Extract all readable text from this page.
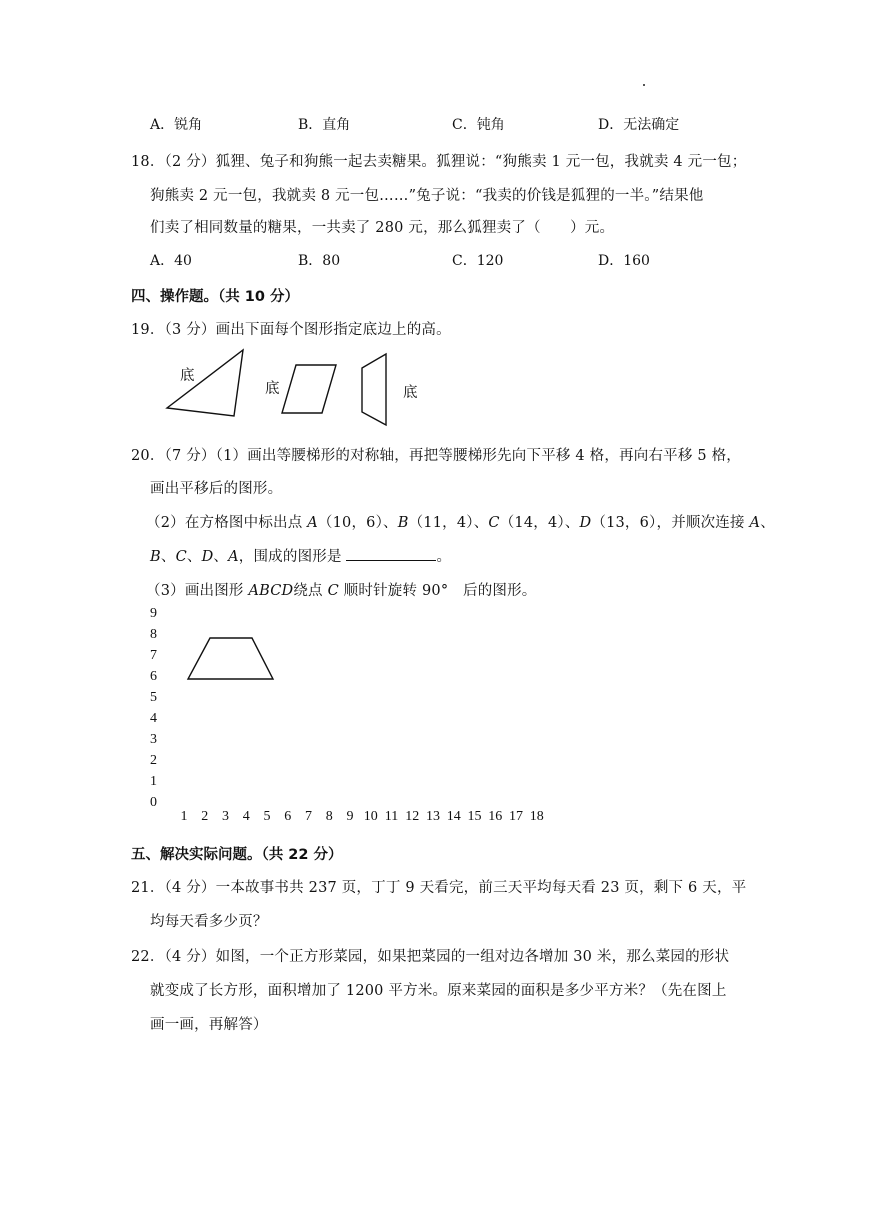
A．锐角	B．直角	C．钝角	D．无法确定
18．（2 分）狐狸、兔子和狗熊一起去卖糖果。狐狸说：“狗熊卖 1 元一包，我就卖 4 元一包；
狗熊卖 2 元一包，我就卖 8 元一包……”兔子说：“我卖的价钱是狐狸的一半。”结果他
们卖了相同数量的糖果，一共卖了 280 元，那么狐狸卖了（　　）元。
A．40	B．80	C．120	D．160
四、操作题。（共 10 分）
19．（3 分）画出下面每个图形指定底边上的高。
底
底	底
20．（7 分）（1）画出等腰梯形的对称轴，再把等腰梯形先向下平移 4 格，再向右平移 5 格，
画出平移后的图形。
（2）在方格图中标出点 A（10，6）、B（11，4）、C（14，4）、D（13，6），并顺次连接 A、
B、C、D、A，围成的图形是	。
（3）画出图形 ABCD绕点 C 顺时针旋转 90°　后的图形。
9
8
7
6
5
4
3
2
1
0
1 2 3 4 5 6 7 8 9 10 11 12 13 14 15 16 17 18
五、解决实际问题。（共 22 分）
21．（4 分）一本故事书共 237 页，丁丁 9 天看完，前三天平均每天看 23 页，剩下 6 天，平
均每天看多少页？
22．（4 分）如图，一个正方形菜园，如果把菜园的一组对边各增加 30 米，那么菜园的形状
就变成了长方形，面积增加了 1200 平方米。原来菜园的面积是多少平方米？（先在图上
画一画，再解答）
